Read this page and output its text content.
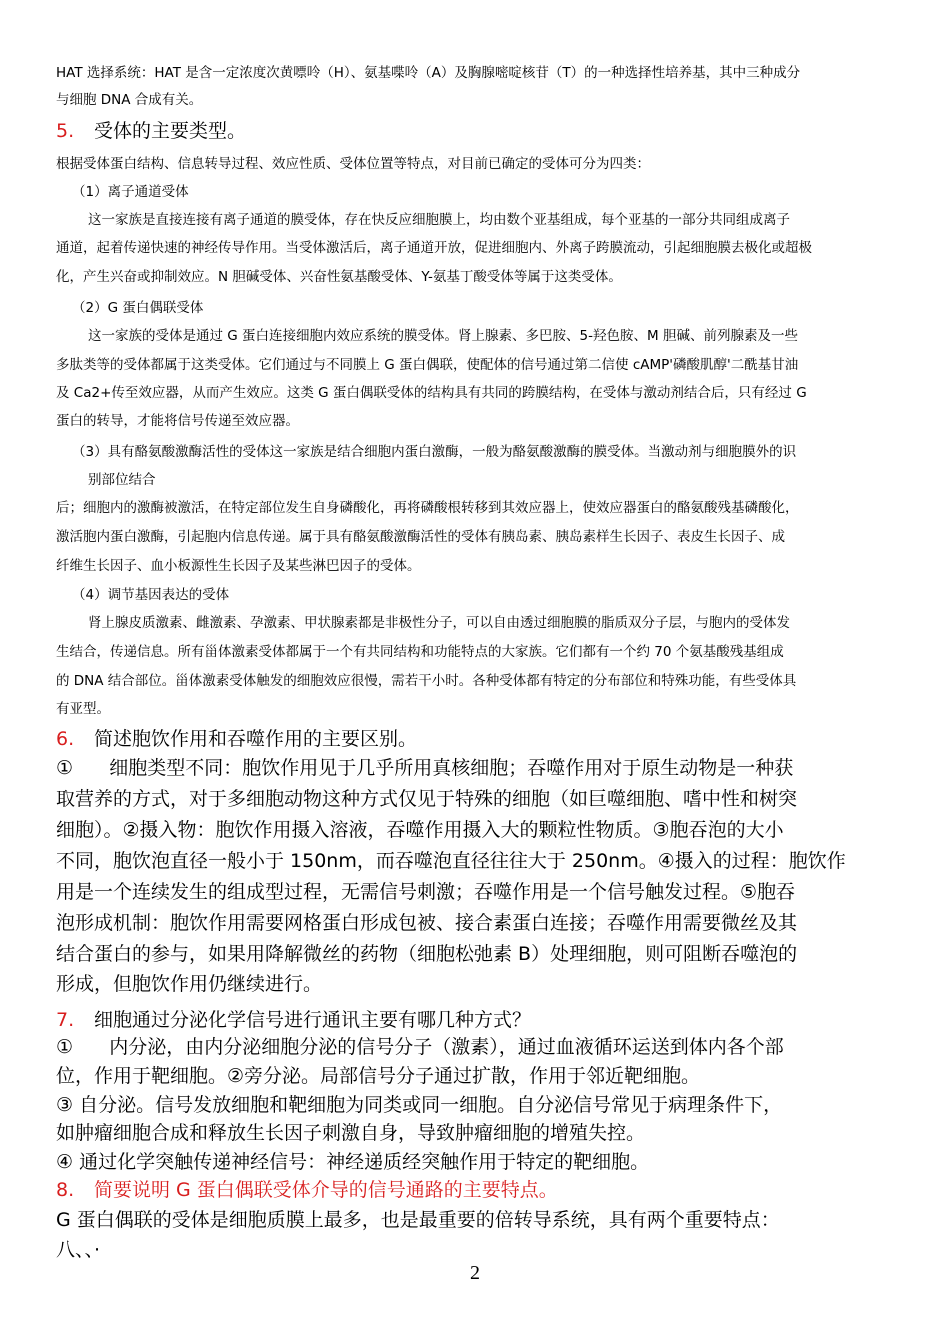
HAT 选择系统：HAT 是含一定浓度次黄嘌呤（H）、氨基喋呤（A）及胸腺嘧啶核苷（T）的一种选择性培养基，其中三种成分
与细胞 DNA 合成有关。
5. 受体的主要类型。
根据受体蛋白结构、信息转导过程、效应性质、受体位置等特点，对目前已确定的受体可分为四类：
（1）离子通道受体
这一家族是直接连接有离子通道的膜受体，存在快反应细胞膜上，均由数个亚基组成，每个亚基的一部分共同组成离子
通道，起着传递快速的神经传导作用。当受体激活后，离子通道开放，促进细胞内、外离子跨膜流动，引起细胞膜去极化或超极
化，产生兴奋或抑制效应。N 胆碱受体、兴奋性氨基酸受体、Y-氨基丁酸受体等属于这类受体。
（2）G 蛋白偶联受体
这一家族的受体是通过 G 蛋白连接细胞内效应系统的膜受体。肾上腺素、多巴胺、5-羟色胺、M 胆碱、前列腺素及一些
多肽类等的受体都属于这类受体。它们通过与不同膜上 G 蛋白偶联，使配体的信号通过第二信使 cAMP'磷酸肌醇'二酰基甘油
及 Ca2+传至效应器，从而产生效应。这类 G 蛋白偶联受体的结构具有共同的跨膜结构，在受体与激动剂结合后，只有经过 G
蛋白的转导，才能将信号传递至效应器。
（3）具有酪氨酸激酶活性的受体这一家族是结合细胞内蛋白激酶，一般为酪氨酸激酶的膜受体。当激动剂与细胞膜外的识
别部位结合
后；细胞内的激酶被激活，在特定部位发生自身磷酸化，再将磷酸根转移到其效应器上，使效应器蛋白的酪氨酸残基磷酸化，
激活胞内蛋白激酶，引起胞内信息传递。属于具有酪氨酸激酶活性的受体有胰岛素、胰岛素样生长因子、表皮生长因子、成
纤维生长因子、血小板源性生长因子及某些淋巴因子的受体。
（4）调节基因表达的受体
肾上腺皮质激素、雌激素、孕激素、甲状腺素都是非极性分子，可以自由透过细胞膜的脂质双分子层，与胞内的受体发
生结合，传递信息。所有甾体激素受体都属于一个有共同结构和功能特点的大家族。它们都有一个约 70 个氨基酸残基组成
的 DNA 结合部位。甾体激素受体触发的细胞效应很慢，需若干小时。各种受体都有特定的分布部位和特殊功能，有些受体具
有亚型。
6. 简述胞饮作用和吞噬作用的主要区别。
①      细胞类型不同：胞饮作用见于几乎所用真核细胞；吞噬作用对于原生动物是一种获
取营养的方式，对于多细胞动物这种方式仅见于特殊的细胞（如巨噬细胞、嗜中性和树突
细胞）。②摄入物：胞饮作用摄入溶液，吞噬作用摄入大的颗粒性物质。③胞吞泡的大小
不同，胞饮泡直径一般小于 150nm，而吞噬泡直径往往大于 250nm。④摄入的过程：胞饮作
用是一个连续发生的组成型过程，无需信号刺激；吞噬作用是一个信号触发过程。⑤胞吞
泡形成机制：胞饮作用需要网格蛋白形成包被、接合素蛋白连接；吞噬作用需要微丝及其
结合蛋白的参与，如果用降解微丝的药物（细胞松弛素 B）处理细胞，则可阻断吞噬泡的
形成，但胞饮作用仍继续进行。
7. 细胞通过分泌化学信号进行通讯主要有哪几种方式？
①      内分泌，由内分泌细胞分泌的信号分子（激素），通过血液循环运送到体内各个部
位，作用于靶细胞。②旁分泌。局部信号分子通过扩散，作用于邻近靶细胞。
③ 自分泌。信号发放细胞和靶细胞为同类或同一细胞。自分泌信号常见于病理条件下，
如肿瘤细胞合成和释放生长因子刺激自身，导致肿瘤细胞的增殖失控。
④ 通过化学突触传递神经信号：神经递质经突触作用于特定的靶细胞。
8. 简要说明 G 蛋白偶联受体介导的信号通路的主要特点。
G 蛋白偶联的受体是细胞质膜上最多，也是最重要的倍转导系统，具有两个重要特点：
八、、·
2
